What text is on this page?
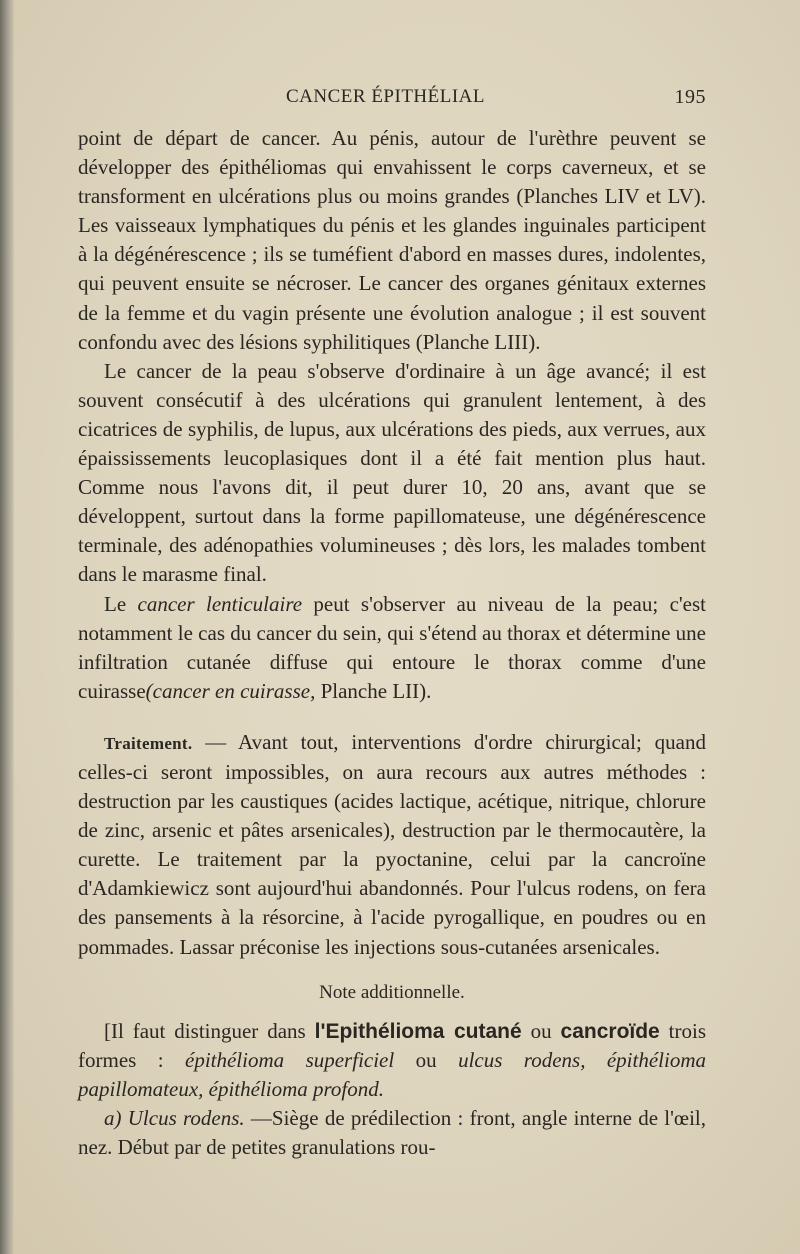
CANCER ÉPITHÉLIAL	195

point de départ de cancer. Au pénis, autour de l'urèthre peuvent se développer des épithéliomas qui envahissent le corps caverneux, et se transforment en ulcérations plus ou moins grandes (Planches LIV et LV). Les vaisseaux lymphatiques du pénis et les glandes inguinales participent à la dégénérescence ; ils se tuméfient d'abord en masses dures, indolentes, qui peuvent ensuite se nécroser. Le cancer des organes génitaux externes de la femme et du vagin présente une évolution analogue ; il est souvent confondu avec des lésions syphilitiques (Planche LIII).

Le cancer de la peau s'observe d'ordinaire à un âge avancé; il est souvent consécutif à des ulcérations qui granulent lentement, à des cicatrices de syphilis, de lupus, aux ulcérations des pieds, aux verrues, aux épaississements leucoplasiques dont il a été fait mention plus haut. Comme nous l'avons dit, il peut durer 10, 20 ans, avant que se développent, surtout dans la forme papillomateuse, une dégénérescence terminale, des adénopathies volumineuses ; dès lors, les malades tombent dans le marasme final.

Le cancer lenticulaire peut s'observer au niveau de la peau; c'est notamment le cas du cancer du sein, qui s'étend au thorax et détermine une infiltration cutanée diffuse qui entoure le thorax comme d'une cuirasse(cancer en cuirasse, Planche LII).

Traitement. — Avant tout, interventions d'ordre chirurgical; quand celles-ci seront impossibles, on aura recours aux autres méthodes : destruction par les caustiques (acides lactique, acétique, nitrique, chlorure de zinc, arsenic et pâtes arsenicales), destruction par le thermocautère, la curette. Le traitement par la pyoctanine, celui par la cancroïne d'Adamkiewicz sont aujourd'hui abandonnés. Pour l'ulcus rodens, on fera des pansements à la résorcine, à l'acide pyrogallique, en poudres ou en pommades. Lassar préconise les injections sous-cutanées arsenicales.

Note additionnelle.

[Il faut distinguer dans l'Epithélioma cutané ou cancroïde trois formes : épithélioma superficiel ou ulcus rodens, épithélioma papillomateux, épithélioma profond.

a) Ulcus rodens. —Siège de prédilection : front, angle interne de l'œil, nez. Début par de petites granulations rou-
